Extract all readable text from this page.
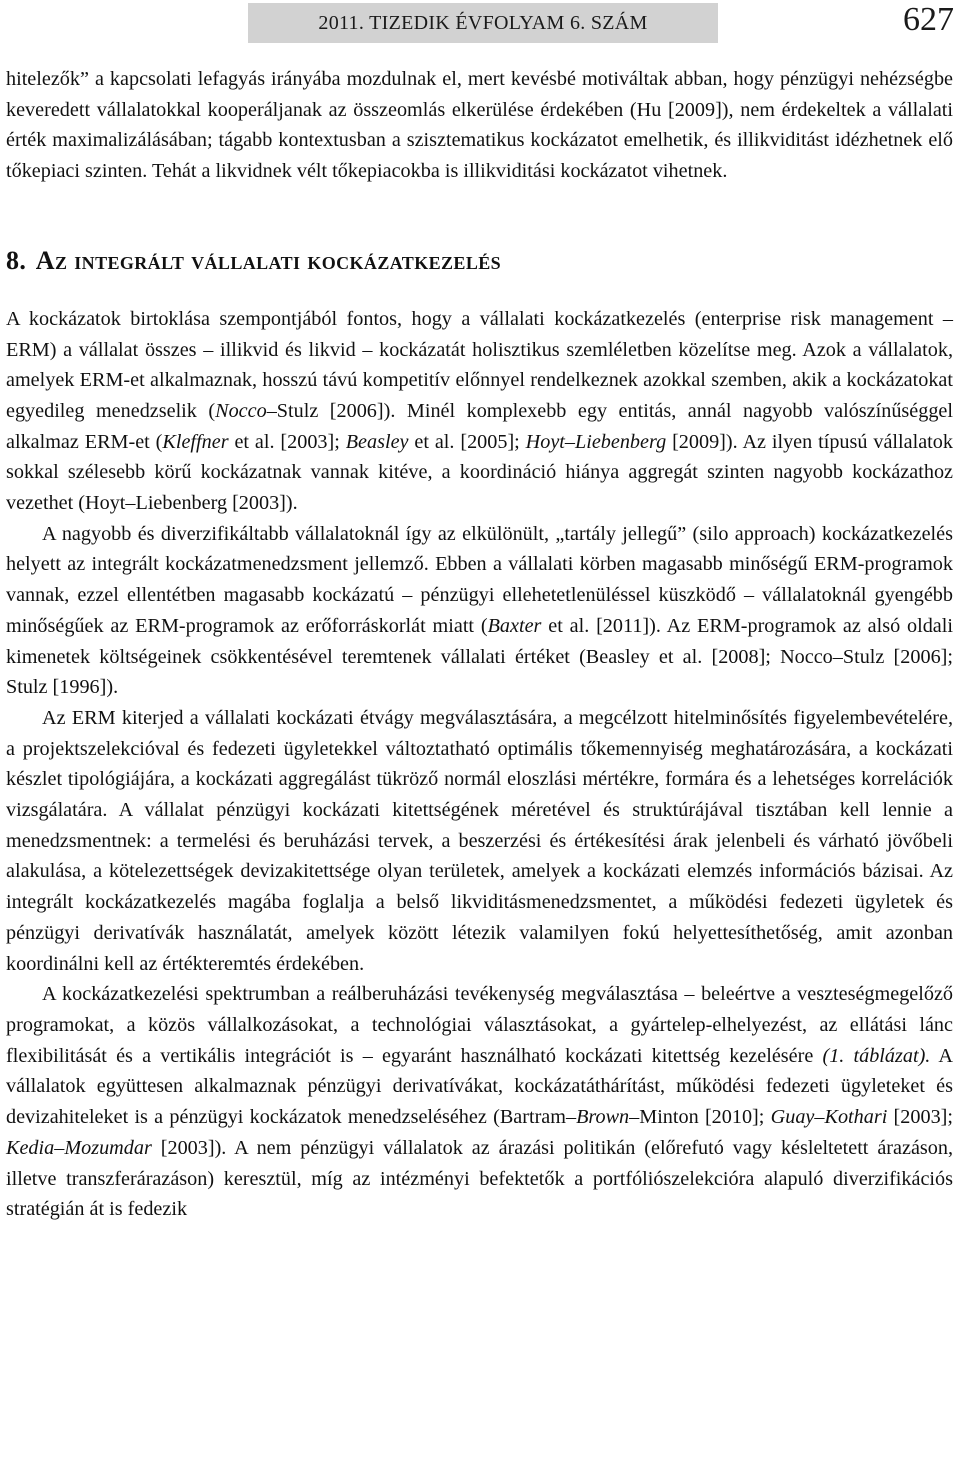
2011. TIZEDIK ÉVFOLYAM 6. SZÁM	627

hitelezők” a kapcsolati lefagyás irányába mozdulnak el, mert kevésbé motiváltak abban, hogy pénzügyi nehézségbe keveredett vállalatokkal kooperáljanak az összeomlás elkerülése érdekében (Hu [2009]), nem érdekeltek a vállalati érték maximalizálásában; tágabb kontextusban a szisztematikus kockázatot emelhetik, és illikviditást idézhetnek elő tőkepiaci szinten. Tehát a likvidnek vélt tőkepiacokba is illikviditási kockázatot vihetnek.

8. Az integrált vállalati kockázatkezelés

A kockázatok birtoklása szempontjából fontos, hogy a vállalati kockázatkezelés (enterprise risk management – ERM) a vállalat összes – illikvid és likvid – kockázatát holisztikus szemléletben közelítse meg. Azok a vállalatok, amelyek ERM-et alkalmaznak, hosszú távú kompetitív előnnyel rendelkeznek azokkal szemben, akik a kockázatokat egyedileg menedzselik (Nocco–Stulz [2006]). Minél komplexebb egy entitás, annál nagyobb valószínűséggel alkalmaz ERM-et (Kleffner et al. [2003]; Beasley et al. [2005]; Hoyt–Liebenberg [2009]). Az ilyen típusú vállalatok sokkal szélesebb körű kockázatnak vannak kitéve, a koordináció hiánya aggregát szinten nagyobb kockázathoz vezethet (Hoyt–Liebenberg [2003]).

A nagyobb és diverzifikáltabb vállalatoknál így az elkülönült, „tartály jellegű” (silo approach) kockázatkezelés helyett az integrált kockázatmenedzsment jellemző. Ebben a vállalati körben magasabb minőségű ERM-programok vannak, ezzel ellentétben magasabb kockázatú – pénzügyi ellehetetlenüléssel küszködő – vállalatoknál gyengébb minőségűek az ERM-programok az erőforráskorlát miatt (Baxter et al. [2011]). Az ERM-programok az alsó oldali kimenetek költségeinek csökkentésével teremtenek vállalati értéket (Beasley et al. [2008]; Nocco–Stulz [2006]; Stulz [1996]).

Az ERM kiterjed a vállalati kockázati étvágy megválasztására, a megcélzott hitelminősítés figyelembevételére, a projektszelekcióval és fedezeti ügyletekkel változtatható optimális tőkemennyiség meghatározására, a kockázati készlet tipológiájára, a kockázati aggregálást tükröző normál eloszlási mértékre, formára és a lehetséges korrelációk vizsgálatára. A vállalat pénzügyi kockázati kitettségének méretével és struktúrájával tisztában kell lennie a menedzsmentnek: a termelési és beruházási tervek, a beszerzési és értékesítési árak jelenbeli és várható jövőbeli alakulása, a kötelezettségek devizakitettsége olyan területek, amelyek a kockázati elemzés információs bázisai. Az integrált kockázatkezelés magába foglalja a belső likviditásmenedzsmentet, a működési fedezeti ügyletek és pénzügyi derivatívák használatát, amelyek között létezik valamilyen fokú helyettesíthetőség, amit azonban koordinálni kell az értékteremtés érdekében.

A kockázatkezelési spektrumban a reálberuházási tevékenység megválasztása – beleértve a veszteségmegelőző programokat, a közös vállalkozásokat, a technológiai választásokat, a gyártelep-elhelyezést, az ellátási lánc flexibilitását és a vertikális integrációt is – egyaránt használható kockázati kitettség kezelésére (1. táblázat). A vállalatok együttesen alkalmaznak pénzügyi derivatívákat, kockázatáthárítást, működési fedezeti ügyleteket és devizahiteleket is a pénzügyi kockázatok menedzseléséhez (Bartram–Brown–Minton [2010]; Guay–Kothari [2003]; Kedia–Mozumdar [2003]). A nem pénzügyi vállalatok az árazási politikán (előrefutó vagy késleltetett árazáson, illetve transzferárazáson) keresztül, míg az intézményi befektetők a portfóliószelekcióra alapuló diverzifikációs stratégián át is fedezik
